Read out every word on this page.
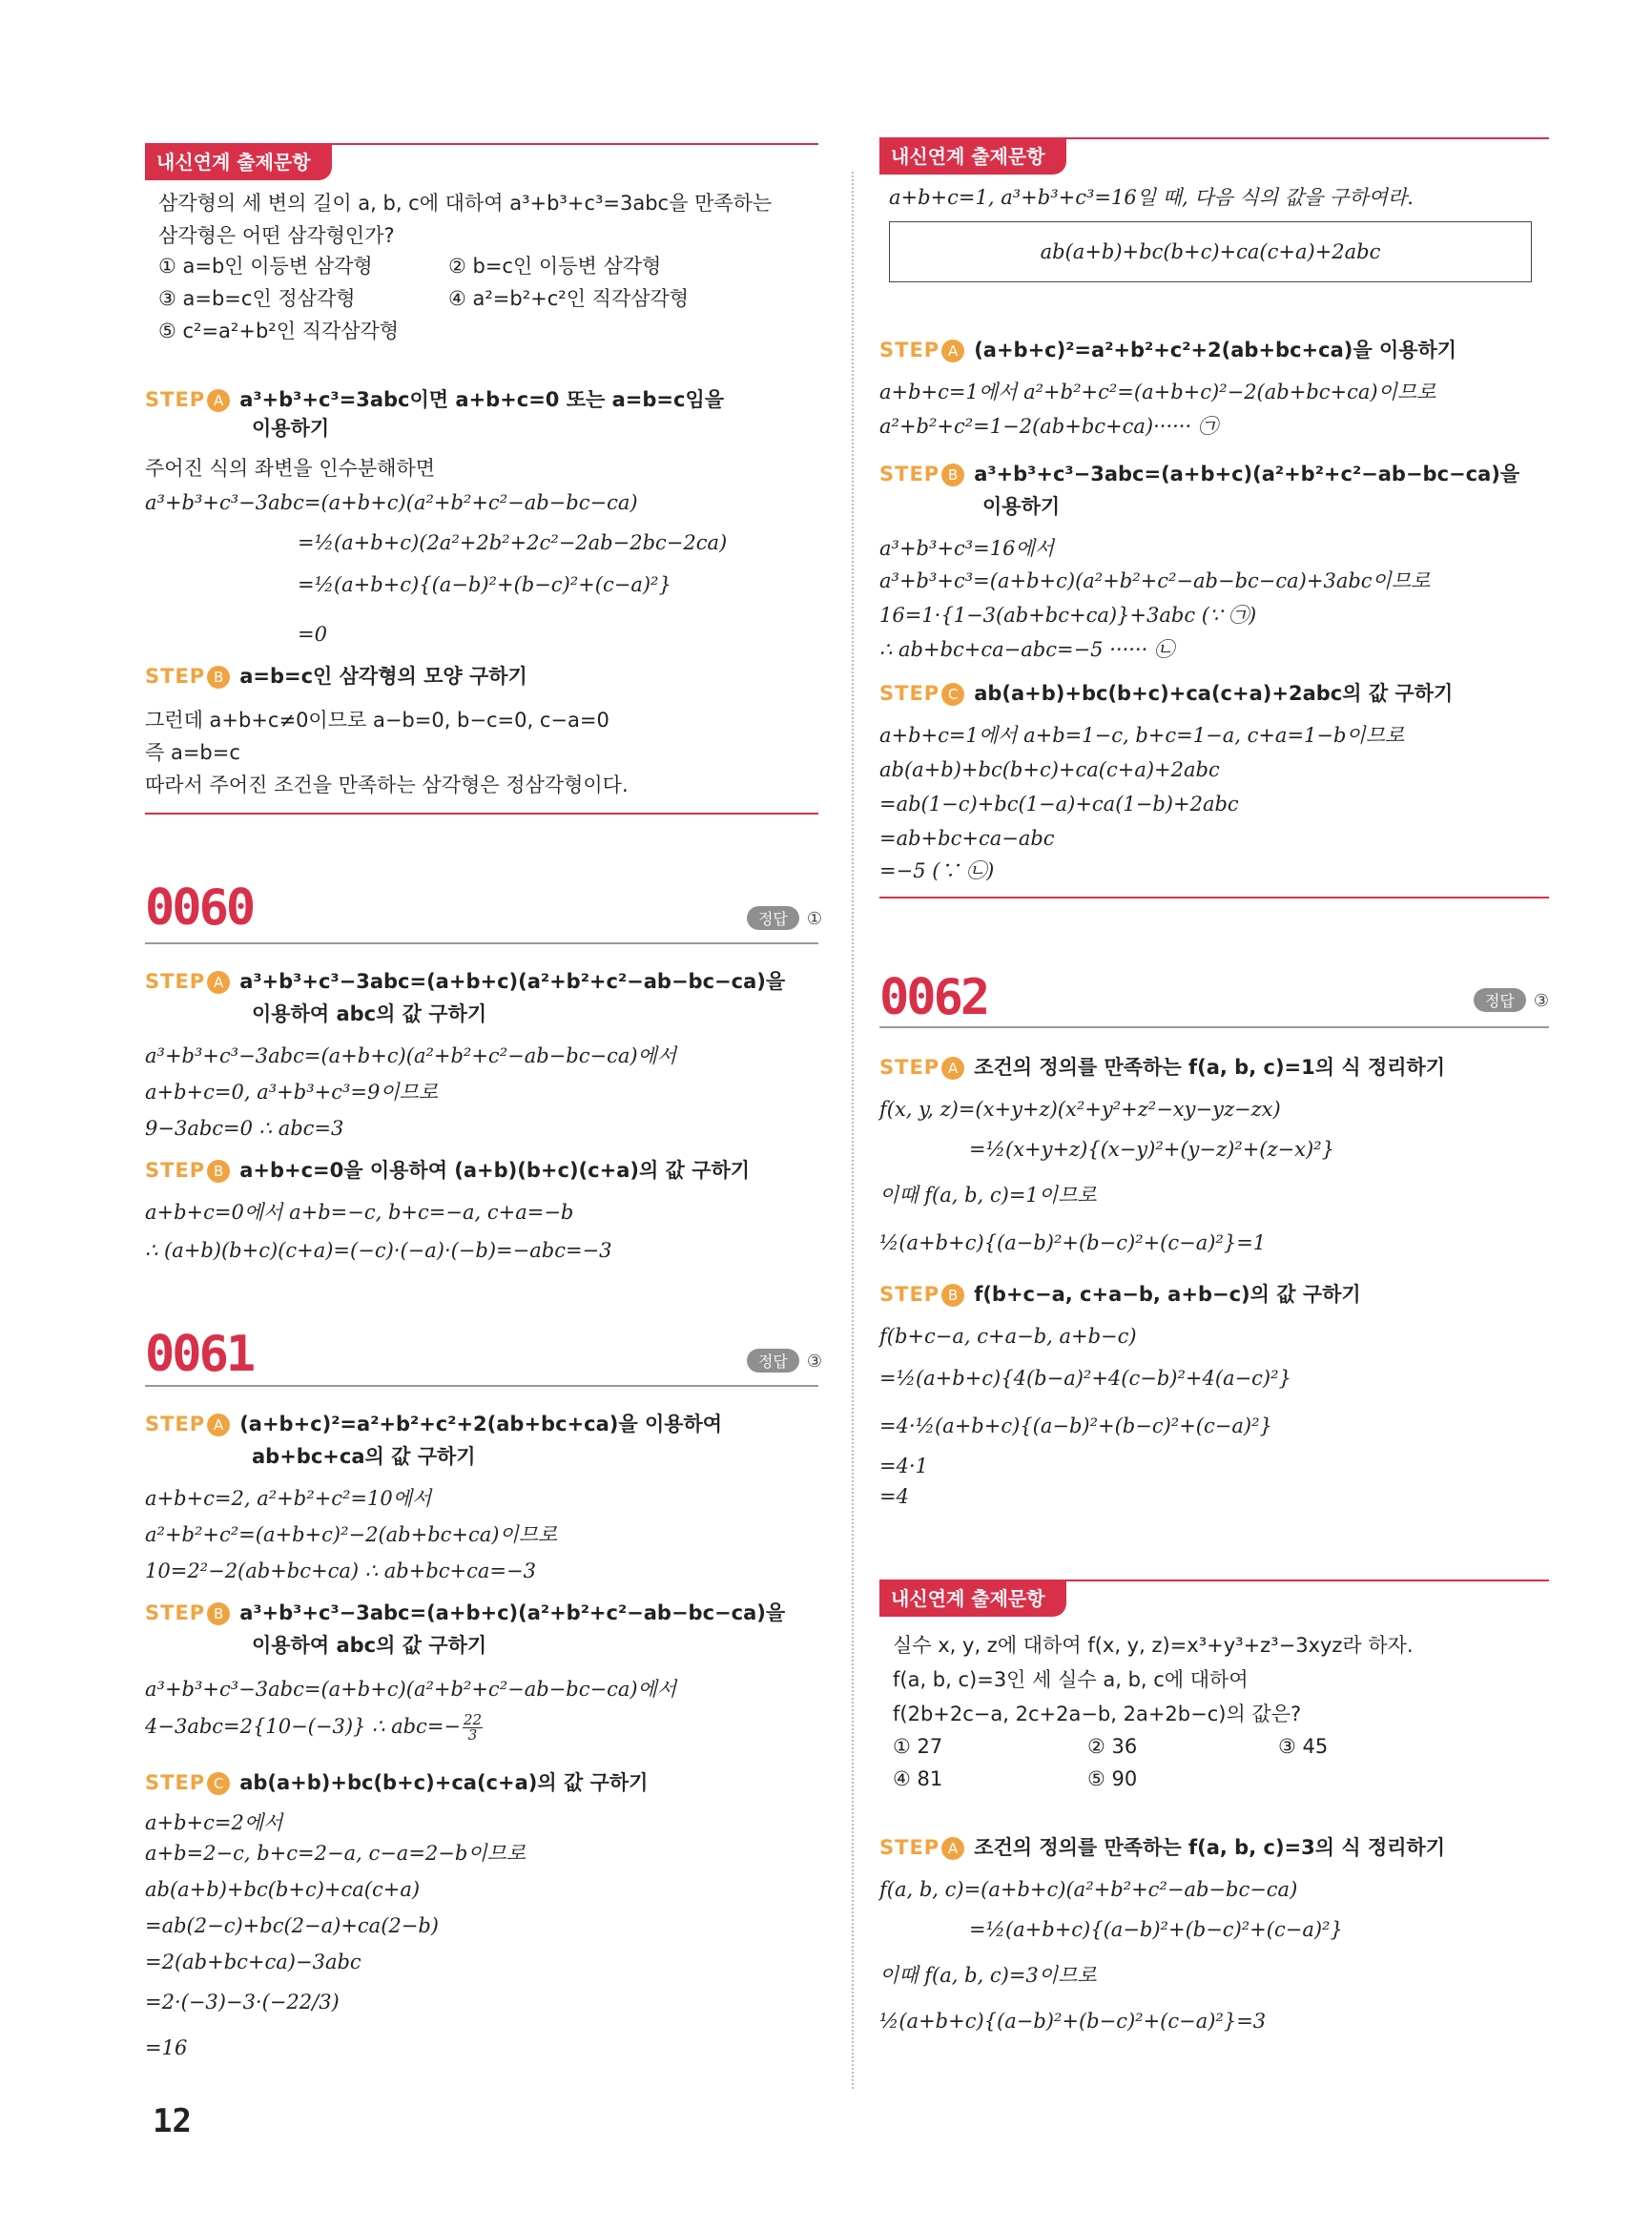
내신연계 출제문항
삼각형의 세 변의 길이 a, b, c에 대하여 a³+b³+c³=3abc을 만족하는
삼각형은 어떤 삼각형인가?
① a=b인 이등변 삼각형	② b=c인 이등변 삼각형
③ a=b=c인 정삼각형	④ a²=b²+c²인 직각삼각형
⑤ c²=a²+b²인 직각삼각형
STEP A a³+b³+c³=3abc이면 a+b+c=0 또는 a=b=c임을
이용하기
주어진 식의 좌변을 인수분해하면
a³+b³+c³−3abc=(a+b+c)(a²+b²+c²−ab−bc−ca)
=½(a+b+c)(2a²+2b²+2c²−2ab−2bc−2ca)
=½(a+b+c){(a−b)²+(b−c)²+(c−a)²}
=0
STEP B a=b=c인 삼각형의 모양 구하기
그런데 a+b+c≠0이므로 a−b=0, b−c=0, c−a=0
즉 a=b=c
따라서 주어진 조건을 만족하는 삼각형은 정삼각형이다.
0060	정답 ①
STEP A a³+b³+c³−3abc=(a+b+c)(a²+b²+c²−ab−bc−ca)을
이용하여 abc의 값 구하기
a³+b³+c³−3abc=(a+b+c)(a²+b²+c²−ab−bc−ca)에서
a+b+c=0, a³+b³+c³=9이므로
9−3abc=0 ∴ abc=3
STEP B a+b+c=0을 이용하여 (a+b)(b+c)(c+a)의 값 구하기
a+b+c=0에서 a+b=−c, b+c=−a, c+a=−b
∴ (a+b)(b+c)(c+a)=(−c)·(−a)·(−b)=−abc=−3
0061	정답 ③
STEP A (a+b+c)²=a²+b²+c²+2(ab+bc+ca)을 이용하여
ab+bc+ca의 값 구하기
a+b+c=2, a²+b²+c²=10에서
a²+b²+c²=(a+b+c)²−2(ab+bc+ca)이므로
10=2²−2(ab+bc+ca) ∴ ab+bc+ca=−3
STEP B a³+b³+c³−3abc=(a+b+c)(a²+b²+c²−ab−bc−ca)을
이용하여 abc의 값 구하기
a³+b³+c³−3abc=(a+b+c)(a²+b²+c²−ab−bc−ca)에서
4−3abc=2{10−(−3)} ∴ $abc=- \frac{22}{3}$
STEP C ab(a+b)+bc(b+c)+ca(c+a)의 값 구하기
a+b+c=2에서
a+b=2−c, b+c=2−a, c−a=2−b이므로
ab(a+b)+bc(b+c)+ca(c+a)
=ab(2−c)+bc(2−a)+ca(2−b)
=2(ab+bc+ca)−3abc
=2·(−3)−3·(−22/3)
=16
내신연계 출제문항
a+b+c=1, a³+b³+c³=16일 때, 다음 식의 값을 구하여라.
ab(a+b)+bc(b+c)+ca(c+a)+2abc
STEP A (a+b+c)²=a²+b²+c²+2(ab+bc+ca)을 이용하기
a+b+c=1에서 a²+b²+c²=(a+b+c)²−2(ab+bc+ca)이므로
a²+b²+c²=1−2(ab+bc+ca)······ ㉠
STEP B a³+b³+c³−3abc=(a+b+c)(a²+b²+c²−ab−bc−ca)을
이용하기
a³+b³+c³=16에서
a³+b³+c³=(a+b+c)(a²+b²+c²−ab−bc−ca)+3abc이므로
16=1·{1−3(ab+bc+ca)}+3abc (∵ ㉠)
∴ ab+bc+ca−abc=−5 ······ ㉡
STEP C ab(a+b)+bc(b+c)+ca(c+a)+2abc의 값 구하기
a+b+c=1에서 a+b=1−c, b+c=1−a, c+a=1−b이므로
ab(a+b)+bc(b+c)+ca(c+a)+2abc
=ab(1−c)+bc(1−a)+ca(1−b)+2abc
=ab+bc+ca−abc
=−5 (∵ ㉡)
0062	정답 ③
STEP A 조건의 정의를 만족하는 f(a, b, c)=1의 식 정리하기
f(x, y, z)=(x+y+z)(x²+y²+z²−xy−yz−zx)
=½(x+y+z){(x−y)²+(y−z)²+(z−x)²}
이때 f(a, b, c)=1이므로
½(a+b+c){(a−b)²+(b−c)²+(c−a)²}=1
STEP B f(b+c−a, c+a−b, a+b−c)의 값 구하기
f(b+c−a, c+a−b, a+b−c)
=½(a+b+c){4(b−a)²+4(c−b)²+4(a−c)²}
=4·½(a+b+c){(a−b)²+(b−c)²+(c−a)²}
=4·1
=4
내신연계 출제문항
실수 x, y, z에 대하여 f(x, y, z)=x³+y³+z³−3xyz라 하자.
f(a, b, c)=3인 세 실수 a, b, c에 대하여
f(2b+2c−a, 2c+2a−b, 2a+2b−c)의 값은?
① 27	② 36	③ 45
④ 81	⑤ 90
STEP A 조건의 정의를 만족하는 f(a, b, c)=3의 식 정리하기
f(a, b, c)=(a+b+c)(a²+b²+c²−ab−bc−ca)
=½(a+b+c){(a−b)²+(b−c)²+(c−a)²}
이때 f(a, b, c)=3이므로
½(a+b+c){(a−b)²+(b−c)²+(c−a)²}=3
12
